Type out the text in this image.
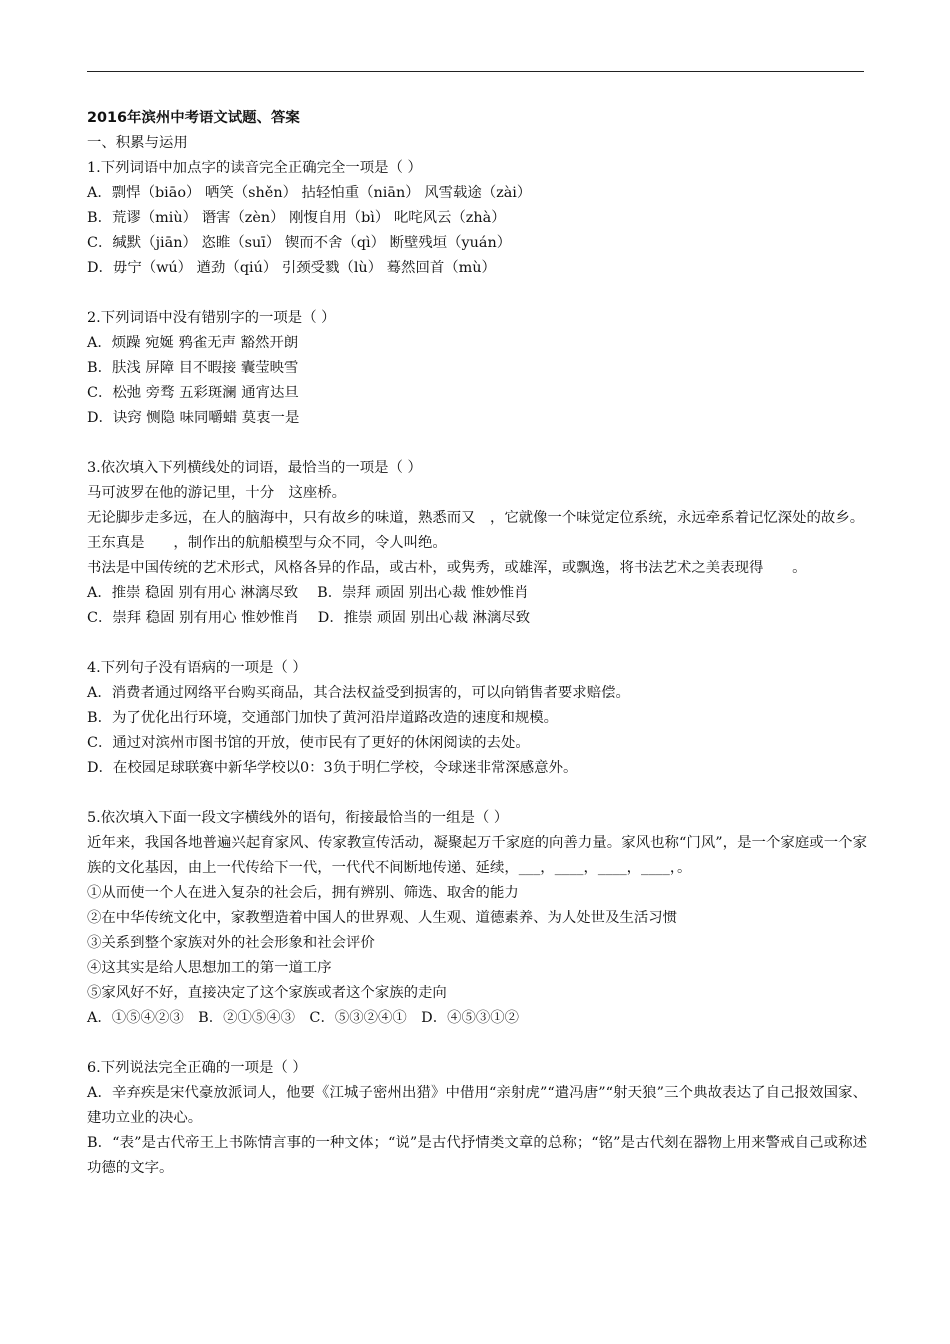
2016年滨州中考语文试题、答案
一、积累与运用
1.下列词语中加点字的读音完全正确完全一项是（ ）
A．剽悍（biāo） 哂笑（shěn） 拈轻怕重（niān） 风雪载途（zài）
B．荒谬（miù） 谮害（zèn） 刚愎自用（bì） 叱咤风云（zhà）
C．缄默（jiān） 恣睢（suī） 锲而不舍（qì） 断壁残垣（yuán）
D．毋宁（wú） 遒劲（qiú） 引颈受戮（lù） 蓦然回首（mù）
2.下列词语中没有错别字的一项是（ ）
A．烦躁 宛娫 鸦雀无声 豁然开朗
B．肤浅 屏障 目不暇接 囊莹映雪
C．松弛 旁骛 五彩斑澜 通宵达旦
D．诀窍 恻隐 味同嚼蜡 莫衷一是
3.依次填入下列横线处的词语，最恰当的一项是（ ）
马可波罗在他的游记里，十分　这座桥。
无论脚步走多远，在人的脑海中，只有故乡的味道，熟悉而又　，它就像一个味觉定位系统，永远牵系着记忆深处的故乡。
王东真是　　，制作出的航船模型与众不同，令人叫绝。
书法是中国传统的艺术形式，风格各异的作品，或古朴，或隽秀，或雄浑，或飘逸，将书法艺术之美表现得　　。
A．推崇 稳固 别有用心 淋漓尽致　 B．崇拜 顽固 别出心裁 惟妙惟肖
C．崇拜 稳固 别有用心 惟妙惟肖　 D．推崇 顽固 别出心裁 淋漓尽致
4.下列句子没有语病的一项是（ ）
A．消费者通过网络平台购买商品，其合法权益受到损害的，可以向销售者要求赔偿。
B．为了优化出行环境，交通部门加快了黄河沿岸道路改造的速度和规模。
C．通过对滨州市图书馆的开放，使市民有了更好的休闲阅读的去处。
D．在校园足球联赛中新华学校以0：3负于明仁学校，令球迷非常深感意外。
5.依次填入下面一段文字横线外的语句，衔接最恰当的一组是（ ）
近年来，我国各地普遍兴起育家风、传家教宣传活动，凝聚起万千家庭的向善力量。家风也称“门风”，是一个家庭或一个家族的文化基因，由上一代传给下一代，一代代不间断地传递、延续，___，____，____，____，。
①从而使一个人在进入复杂的社会后，拥有辨别、筛选、取舍的能力
②在中华传统文化中，家教塑造着中国人的世界观、人生观、道德素养、为人处世及生活习惯
③关系到整个家族对外的社会形象和社会评价
④这其实是给人思想加工的第一道工序
⑤家风好不好，直接决定了这个家族或者这个家族的走向
A．①⑤④②③　B．②①⑤④③　C．⑤③②④①　D．④⑤③①②
6.下列说法完全正确的一项是（ ）
A．辛弃疾是宋代豪放派词人，他要《江城子密州出猎》中借用“亲射虎”“遣冯唐”“射天狼”三个典故表达了自己报效国家、建功立业的决心。
B．“表”是古代帝王上书陈情言事的一种文体；“说”是古代抒情类文章的总称；“铭”是古代刻在器物上用来警戒自己或称述功德的文字。
